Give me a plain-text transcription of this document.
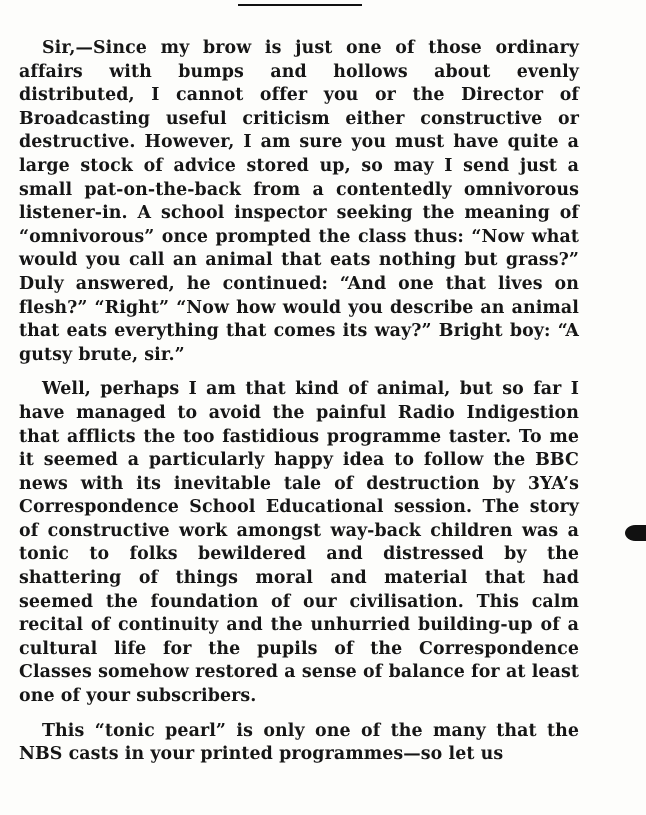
Sir,—Since my brow is just one of those ordinary affairs with bumps and hollows about evenly distributed, I cannot offer you or the Director of Broadcasting useful criticism either constructive or destructive. However, I am sure you must have quite a large stock of advice stored up, so may I send just a small pat-on-the-back from a contentedly omnivorous listener-in. A school inspector seeking the meaning of “omnivorous” once prompted the class thus: “Now what would you call an animal that eats nothing but grass?” Duly answered, he continued: “And one that lives on flesh?” “Right” “Now how would you describe an animal that eats everything that comes its way?” Bright boy: “A gutsy brute, sir.”

Well, perhaps I am that kind of animal, but so far I have managed to avoid the painful Radio Indigestion that afflicts the too fastidious programme taster. To me it seemed a particularly happy idea to follow the BBC news with its inevitable tale of destruction by 3YA’s Correspondence School Educational session. The story of constructive work amongst way-back children was a tonic to folks bewildered and distressed by the shattering of things moral and material that had seemed the foundation of our civilisation. This calm recital of continuity and the unhurried building-up of a cultural life for the pupils of the Correspondence Classes somehow restored a sense of balance for at least one of your subscribers.

This “tonic pearl” is only one of the many that the NBS casts in your printed programmes—so let us
